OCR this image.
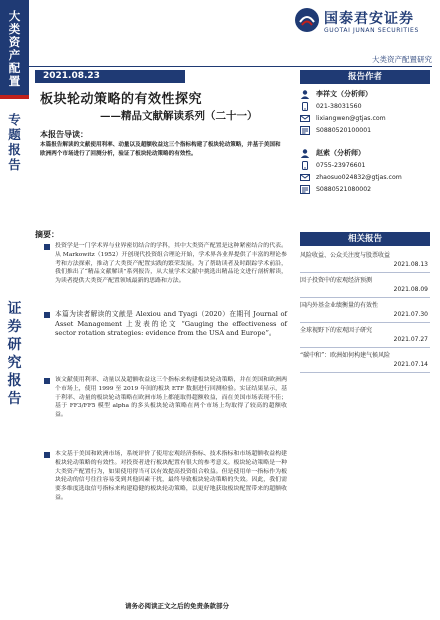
大
类
资
产
配
置
专
题
报
告
证
券
研
究
报
告
国泰君安证券
GUOTAI JUNAN SECURITIES
大类资产配置研究
2021.08.23
板块轮动策略的有效性探究
——精品文献解读系列（二十一）
本报告导读：
本篇报告解读的文献使用利率、动量以及超额收益这三个指标构建了板块轮动策略，并基于美国和欧洲两个市场进行了回测分析，验证了板块轮动策略的有效性。
摘要：
投资学是一门学术界与业界密切结合的学科，其中大类资产配置是这种紧密结合的代表。从 Markowitz（1952）开创现代投资组合理论开始，学术界各业界提供了丰富的理论参考和方法探索，推动了大类资产配置实践的繁荣发展。为了帮助读者及时跟踪学术前沿，我们推出了“精品文献解读”系列报告，从大量学术文献中挑选出精品论文进行剖析解读，为读者提供大类资产配置领域最新的思路和方法。
本篇为读者解读的文献是 Alexiou and Tyagi（2020）在期刊 Journal of Asset Management 上发表的论文 “Gauging the effectiveness of sector rotation strategies: evidence from the USA and Europe”。
该文献使用利率、动量以及超额收益这三个指标来构建板块轮动策略，并在美国和欧洲两个市场上，使用 1999 至 2019 年间的板块 ETF 数据进行回测检验。实证结果显示，基于利率、动量的板块轮动策略在欧洲市场上都能取得超额收益，而在美国市场表现不佳；基于 FF3/FF5 模型 alpha 的多头板块轮动策略在两个市场上均取得了较高的超额收益。
本文基于美国和欧洲市场，系统评价了使用宏观经济指标、技术指标和市场超额收益构建板块轮动策略的有效性。对投资者进行板块配置有很大的参考意义。板块轮动策略是一种大类资产配置行为，如果使用得当可以有效提高投资组合收益。但是使用单一指标作为板块轮动的信号往往容易受到其他因素干扰，最终导致板块轮动策略的失效。因此，我们需要多维度选取信号指标来构建稳健的板块轮动策略，以更好地获取板块配置带来的超额收益。
请务必阅读正文之后的免责条款部分
报告作者
李祥文（分析师）
021-38031560
lixiangwen@gtjas.com
S0880520100001
赵索（分析师）
0755-23976601
zhaosuo024832@gtjas.com
S0880521080002
相关报告
风险收益、公众关注度与股票收益
2021.08.13
因子投资中的宏观经济预测
2021.08.09
国内外基金业绩衡量的有效性
2021.07.30
全球视野下的宏观因子研究
2021.07.27
“碳中和”：欧洲如何构建气候风险
2021.07.14
